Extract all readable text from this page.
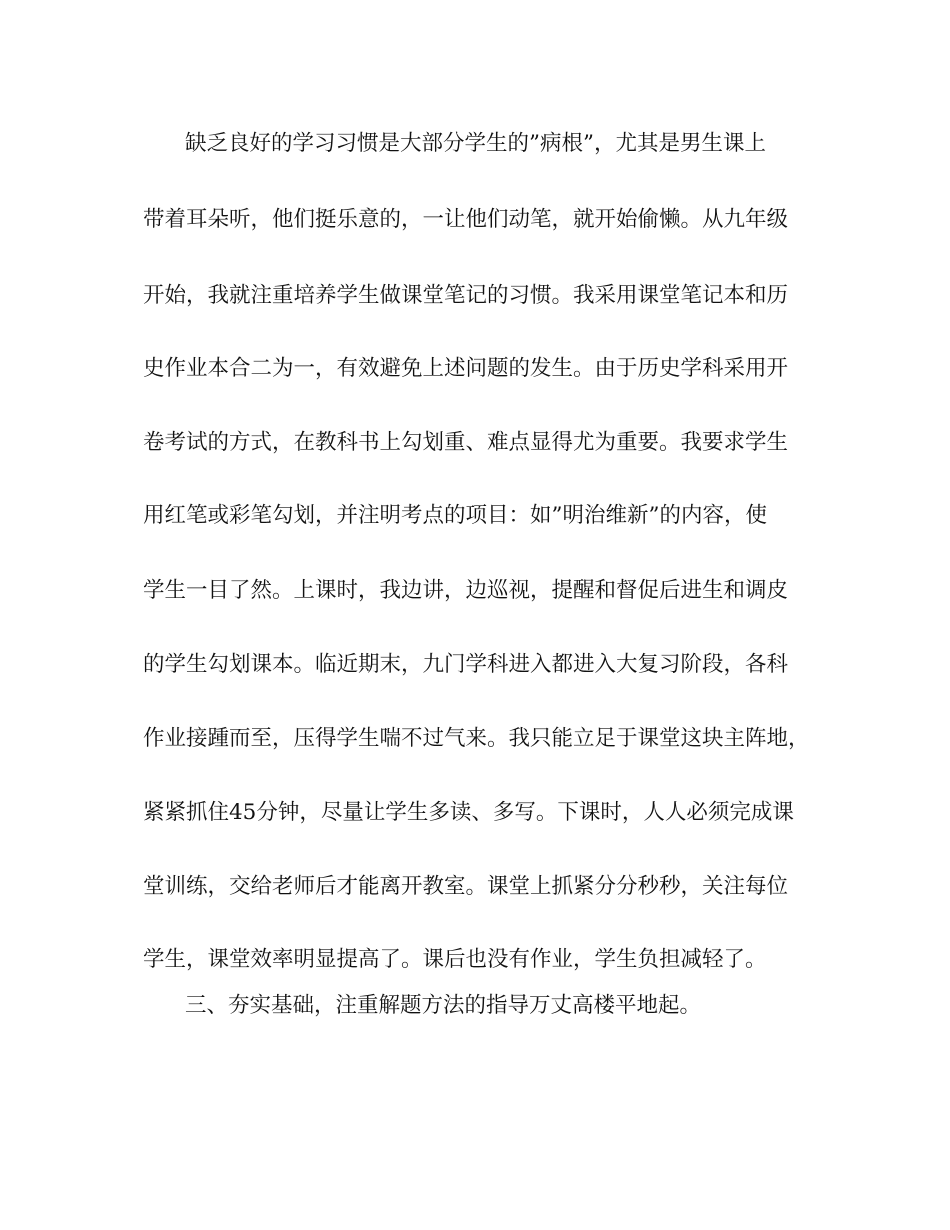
缺乏良好的学习习惯是大部分学生的”病根”，尤其是男生课上
带着耳朵听，他们挺乐意的，一让他们动笔，就开始偷懒。从九年级
开始，我就注重培养学生做课堂笔记的习惯。我采用课堂笔记本和历
史作业本合二为一，有效避免上述问题的发生。由于历史学科采用开
卷考试的方式，在教科书上勾划重、难点显得尤为重要。我要求学生
用红笔或彩笔勾划，并注明考点的项目：如”明治维新”的内容，使
学生一目了然。上课时，我边讲，边巡视，提醒和督促后进生和调皮
的学生勾划课本。临近期末，九门学科进入都进入大复习阶段，各科
作业接踵而至，压得学生喘不过气来。我只能立足于课堂这块主阵地，
紧紧抓住45分钟，尽量让学生多读、多写。下课时，人人必须完成课
堂训练，交给老师后才能离开教室。课堂上抓紧分分秒秒，关注每位
学生，课堂效率明显提高了。课后也没有作业，学生负担减轻了。
三、夯实基础，注重解题方法的指导万丈高楼平地起。
